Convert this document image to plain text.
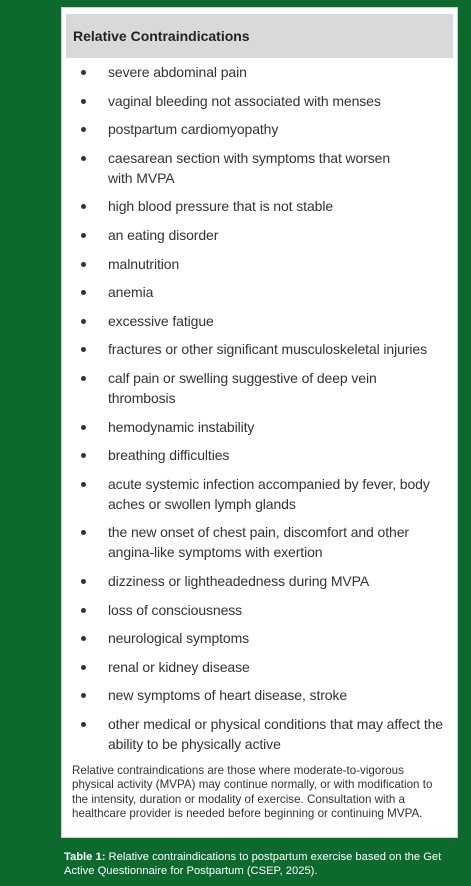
Relative Contraindications
severe abdominal pain
vaginal bleeding not associated with menses
postpartum cardiomyopathy
caesarean section with symptoms that worsen
with MVPA
high blood pressure that is not stable
an eating disorder
malnutrition
anemia
excessive fatigue
fractures or other significant musculoskeletal injuries
calf pain or swelling suggestive of deep vein thrombosis
hemodynamic instability
breathing difficulties
acute systemic infection accompanied by fever, body aches or swollen lymph glands
the new onset of chest pain, discomfort and other angina-like symptoms with exertion
dizziness or lightheadedness during MVPA
loss of consciousness
neurological symptoms
renal or kidney disease
new symptoms of heart disease, stroke
other medical or physical conditions that may affect the ability to be physically active
Relative contraindications are those where moderate-to-vigorous physical activity (MVPA) may continue normally, or with modification to the intensity, duration or modality of exercise. Consultation with a healthcare provider is needed before beginning or continuing MVPA.
Table 1: Relative contraindications to postpartum exercise based on the Get Active Questionnaire for Postpartum (CSEP, 2025).
